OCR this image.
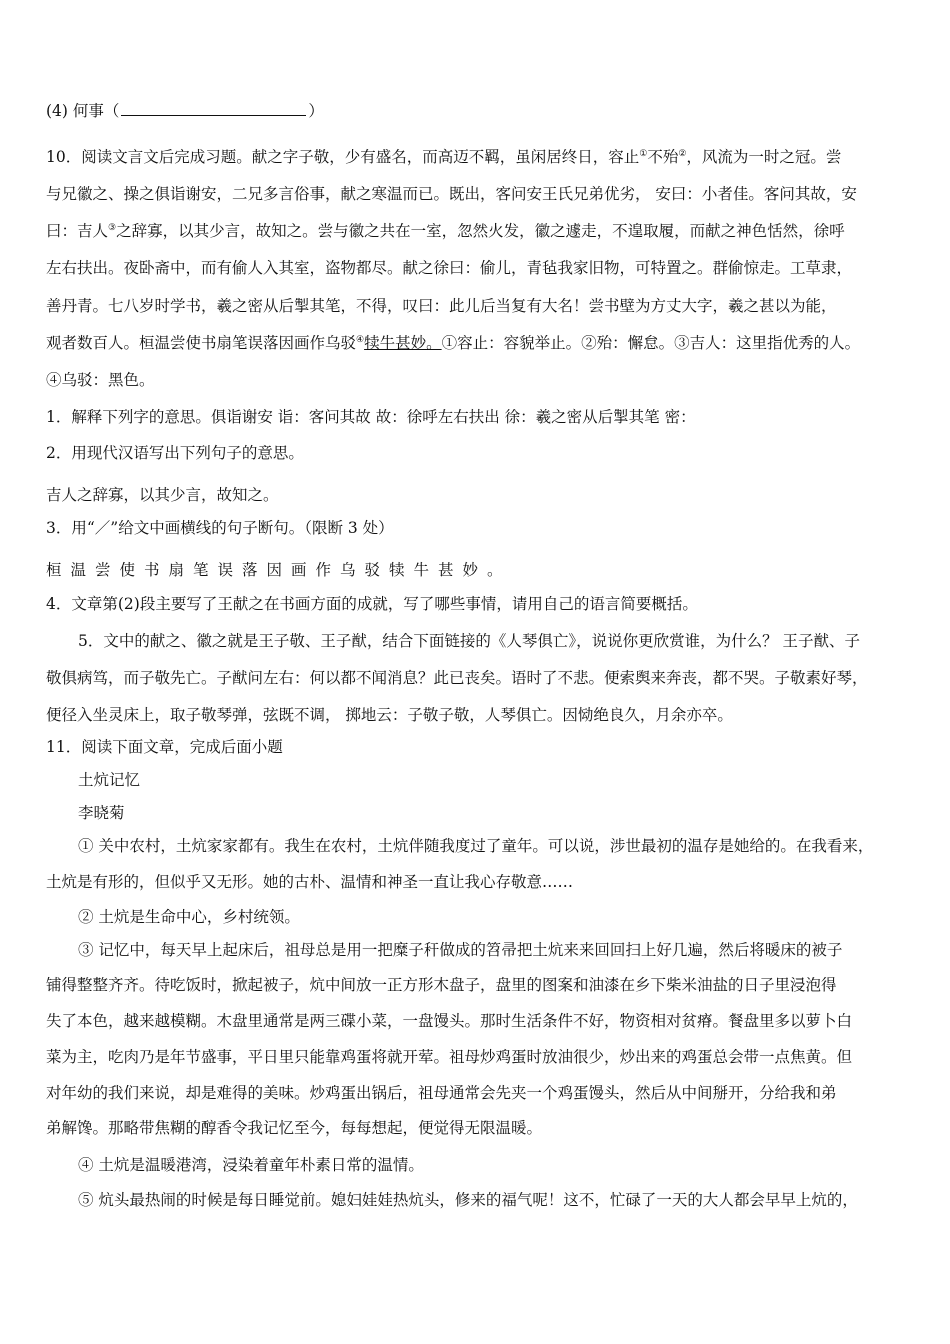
(4) 何事（	）
10．阅读文言文后完成习题。献之字子敬，少有盛名，而高迈不羁，虽闲居终日，容止①不殆②，风流为一时之冠。尝
与兄徽之、操之俱诣谢安，二兄多言俗事，献之寒温而已。既出，客问安王氏兄弟优劣， 安曰：小者佳。客问其故，安
曰：吉人③之辞寡，以其少言，故知之。尝与徽之共在一室，忽然火发，徽之遽走，不遑取履，而献之神色恬然，徐呼
左右扶出。夜卧斋中，而有偷人入其室，盗物都尽。献之徐曰：偷儿，青毡我家旧物，可特置之。群偷惊走。工草隶，
善丹青。七八岁时学书，羲之密从后掣其笔，不得，叹曰：此儿后当复有大名！尝书壁为方丈大字，羲之甚以为能，
观者数百人。桓温尝使书扇笔误落因画作乌驳④犊牛甚妙。①容止：容貌举止。②殆：懈怠。③吉人：这里指优秀的人。
④乌驳：黑色。
1．解释下列字的意思。俱诣谢安 诣：客问其故 故：徐呼左右扶出 徐：羲之密从后掣其笔 密：
2．用现代汉语写出下列句子的意思。
吉人之辞寡，以其少言，故知之。
3．用“／”给文中画横线的句子断句。（限断 3 处）
桓温尝使书扇笔误落因画作乌驳犊牛甚妙。
4．文章第(2)段主要写了王献之在书画方面的成就，写了哪些事情，请用自己的语言简要概括。
5．文中的献之、徽之就是王子敬、王子猷，结合下面链接的《人琴俱亡》，说说你更欣赏谁，为什么？ 王子猷、子
敬俱病笃，而子敬先亡。子猷问左右：何以都不闻消息？此已丧矣。语时了不悲。便索舆来奔丧，都不哭。子敬素好琴，
便径入坐灵床上，取子敬琴弹，弦既不调， 掷地云：子敬子敬，人琴俱亡。因恸绝良久，月余亦卒。
11．阅读下面文章，完成后面小题
土炕记忆
李晓菊
① 关中农村，土炕家家都有。我生在农村，土炕伴随我度过了童年。可以说，涉世最初的温存是她给的。在我看来，
土炕是有形的，但似乎又无形。她的古朴、温情和神圣一直让我心存敬意……
② 土炕是生命中心，乡村统领。
③ 记忆中，每天早上起床后，祖母总是用一把糜子秆做成的笤帚把土炕来来回回扫上好几遍，然后将暖床的被子
铺得整整齐齐。待吃饭时，掀起被子，炕中间放一正方形木盘子，盘里的图案和油漆在乡下柴米油盐的日子里浸泡得
失了本色，越来越模糊。木盘里通常是两三碟小菜，一盘馒头。那时生活条件不好，物资相对贫瘠。餐盘里多以萝卜白
菜为主，吃肉乃是年节盛事，平日里只能靠鸡蛋将就开荤。祖母炒鸡蛋时放油很少，炒出来的鸡蛋总会带一点焦黄。但
对年幼的我们来说，却是难得的美味。炒鸡蛋出锅后，祖母通常会先夹一个鸡蛋馒头，然后从中间掰开，分给我和弟
弟解馋。那略带焦糊的醇香令我记忆至今，每每想起，便觉得无限温暖。
④ 土炕是温暖港湾，浸染着童年朴素日常的温情。
⑤ 炕头最热闹的时候是每日睡觉前。媳妇娃娃热炕头，修来的福气呢！这不，忙碌了一天的大人都会早早上炕的，
